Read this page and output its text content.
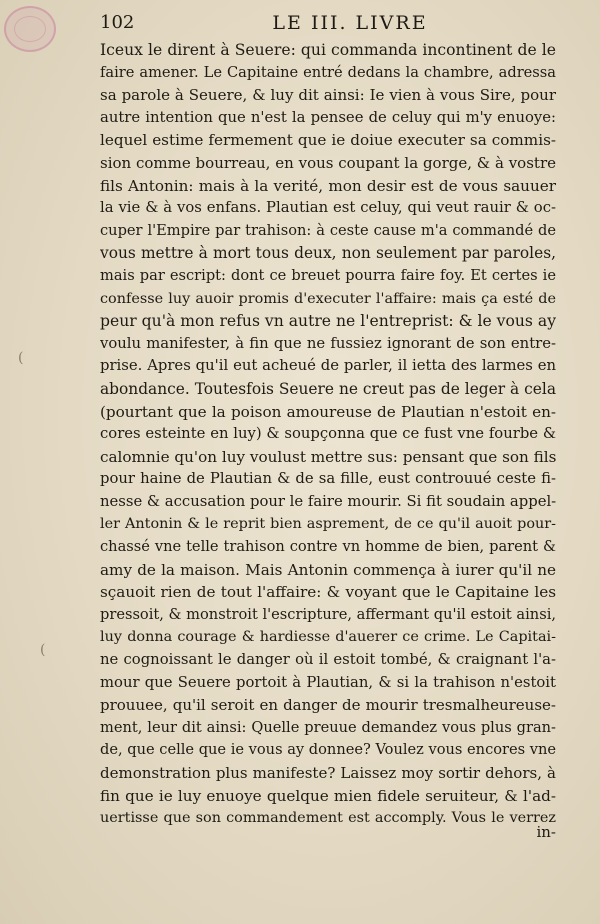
102	LE III. LIVRE
Iceux le dirent à Seuere: qui commanda incontinent de le
faire amener. Le Capitaine entré dedans la chambre, adressa
sa parole à Seuere, & luy dit ainsi: Ie vien à vous Sire, pour
autre intention que n'est la pensee de celuy qui m'y enuoye:
lequel estime fermement que ie doiue executer sa commis-
sion comme bourreau, en vous coupant la gorge, & à vostre
fils Antonin: mais à la verité, mon desir est de vous sauuer
la vie & à vos enfans. Plautian est celuy, qui veut rauir & oc-
cuper l'Empire par trahison: à ceste cause m'a commandé de
vous mettre à mort tous deux, non seulement par paroles,
mais par escript: dont ce breuet pourra faire foy. Et certes ie
confesse luy auoir promis d'executer l'affaire: mais ça esté de
peur qu'à mon refus vn autre ne l'entreprist: & le vous ay
voulu manifester, à fin que ne fussiez ignorant de son entre-
prise. Apres qu'il eut acheué de parler, il ietta des larmes en
abondance. Toutesfois Seuere ne creut pas de leger à cela
(pourtant que la poison amoureuse de Plautian n'estoit en-
cores esteinte en luy) & soupçonna que ce fust vne fourbe &
calomnie qu'on luy voulust mettre sus: pensant que son fils
pour haine de Plautian & de sa fille, eust controuué ceste fi-
nesse & accusation pour le faire mourir. Si fit soudain appel-
ler Antonin & le reprit bien asprement, de ce qu'il auoit pour-
chassé vne telle trahison contre vn homme de bien, parent &
amy de la maison. Mais Antonin commença à iurer qu'il ne
sçauoit rien de tout l'affaire: & voyant que le Capitaine les
pressoit, & monstroit l'escripture, affermant qu'il estoit ainsi,
luy donna courage & hardiesse d'auerer ce crime. Le Capitai-
ne cognoissant le danger où il estoit tombé, & craignant l'a-
mour que Seuere portoit à Plautian, & si la trahison n'estoit
prouuee, qu'il seroit en danger de mourir tresmalheureuse-
ment, leur dit ainsi: Quelle preuue demandez vous plus gran-
de, que celle que ie vous ay donnee? Voulez vous encores vne
demonstration plus manifeste? Laissez moy sortir dehors, à
fin que ie luy enuoye quelque mien fidele seruiteur, & l'ad-
uertisse que son commandement est accomply. Vous le verrez
(
(
in-
